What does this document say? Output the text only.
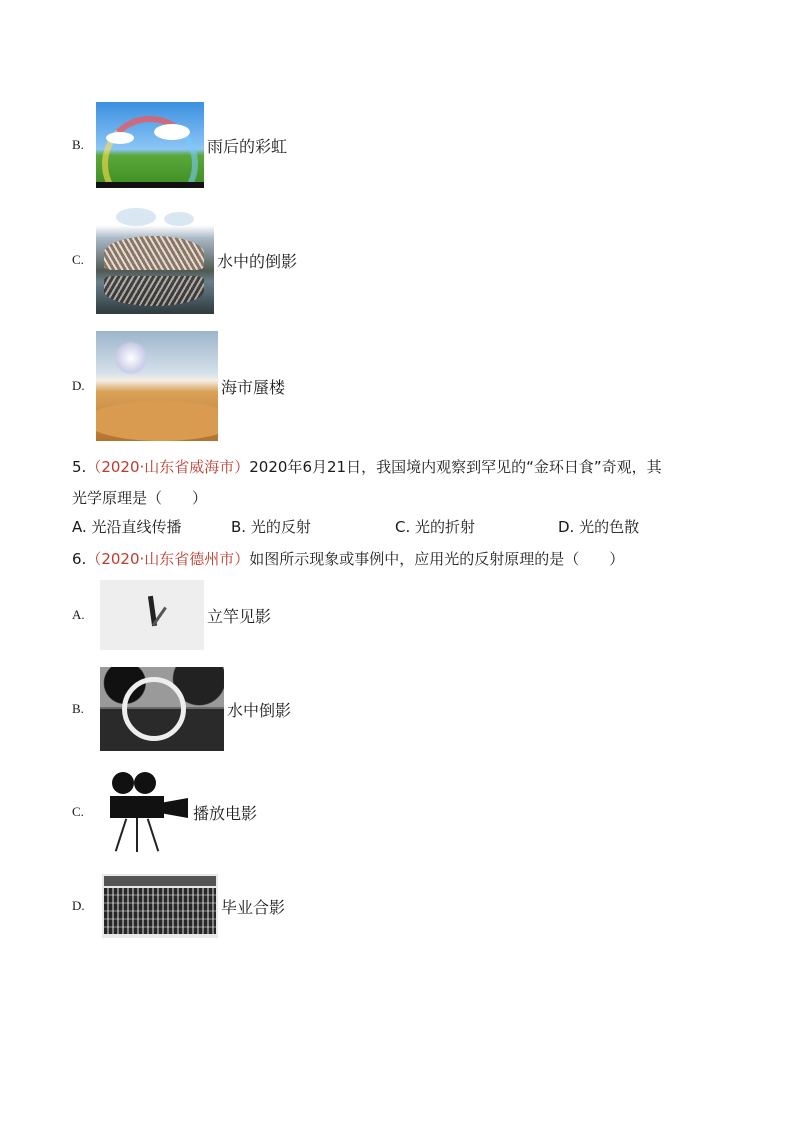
B.	雨后的彩虹
C.	水中的倒影
D.	海市蜃楼
5.（2020·山东省威海市）2020年6月21日，我国境内观察到罕见的“金环日食”奇观，其
光学原理是（　　）
A. 光沿直线传播	B. 光的反射	C. 光的折射	D. 光的色散
6.（2020·山东省德州市）如图所示现象或事例中，应用光的反射原理的是（　　）
A.	立竿见影
B.	水中倒影
C.	播放电影
D.	毕业合影
